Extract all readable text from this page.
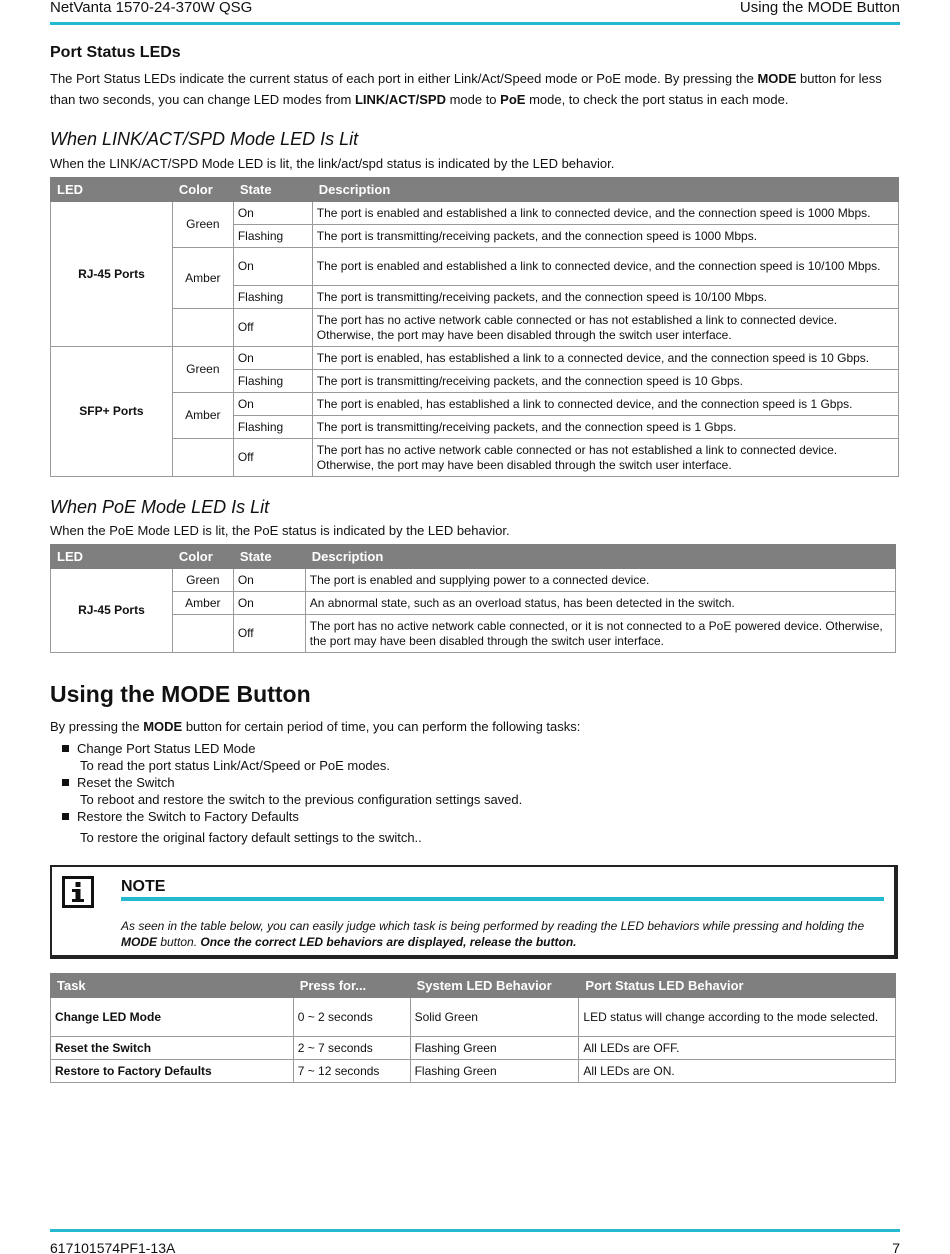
NetVanta 1570-24-370W QSG	Using the MODE Button
Port Status LEDs

The Port Status LEDs indicate the current status of each port in either Link/Act/Speed mode or PoE mode. By pressing the MODE button for less than two seconds, you can change LED modes from LINK/ACT/SPD mode to PoE mode, to check the port status in each mode.

When LINK/ACT/SPD Mode LED Is Lit

When the LINK/ACT/SPD Mode LED is lit, the link/act/spd status is indicated by the LED behavior.

LED	Color	State	Description
RJ-45 Ports	Green	On	The port is enabled and established a link to connected device, and the connection speed is 1000 Mbps.
		Flashing	The port is transmitting/receiving packets, and the connection speed is 1000 Mbps.
	Amber	On	The port is enabled and established a link to connected device, and the connection speed is 10/100 Mbps.
		Flashing	The port is transmitting/receiving packets, and the connection speed is 10/100 Mbps.
		Off	The port has no active network cable connected or has not established a link to connected device. Otherwise, the port may have been disabled through the switch user interface.
SFP+ Ports	Green	On	The port is enabled, has established a link to a connected device, and the connection speed is 10 Gbps.
		Flashing	The port is transmitting/receiving packets, and the connection speed is 10 Gbps.
	Amber	On	The port is enabled, has established a link to connected device, and the connection speed is 1 Gbps.
		Flashing	The port is transmitting/receiving packets, and the connection speed is 1 Gbps.
		Off	The port has no active network cable connected or has not established a link to connected device. Otherwise, the port may have been disabled through the switch user interface.
When PoE Mode LED Is Lit

When the PoE Mode LED is lit, the PoE status is indicated by the LED behavior.

LED	Color	State	Description
RJ-45 Ports	Green	On	The port is enabled and supplying power to a connected device.
	Amber	On	An abnormal state, such as an overload status, has been detected in the switch.
		Off	The port has no active network cable connected, or it is not connected to a PoE powered device. Otherwise, the port may have been disabled through the switch user interface.
Using the MODE Button

By pressing the MODE button for certain period of time, you can perform the following tasks:

Change Port Status LED Mode
To read the port status Link/Act/Speed or PoE modes.
Reset the Switch
To reboot and restore the switch to the previous configuration settings saved.
Restore the Switch to Factory Defaults
To restore the original factory default settings to the switch..
NOTE
As seen in the table below, you can easily judge which task is being performed by reading the LED behaviors while pressing and holding the MODE button. Once the correct LED behaviors are displayed, release the button.
Task	Press for...	System LED Behavior	Port Status LED Behavior
Change LED Mode	0 ~ 2 seconds	Solid Green	LED status will change according to the mode selected.
Reset the Switch	2 ~ 7 seconds	Flashing Green	All LEDs are OFF.
Restore to Factory Defaults	7 ~ 12 seconds	Flashing Green	All LEDs are ON.
617101574PF1-13A	7
